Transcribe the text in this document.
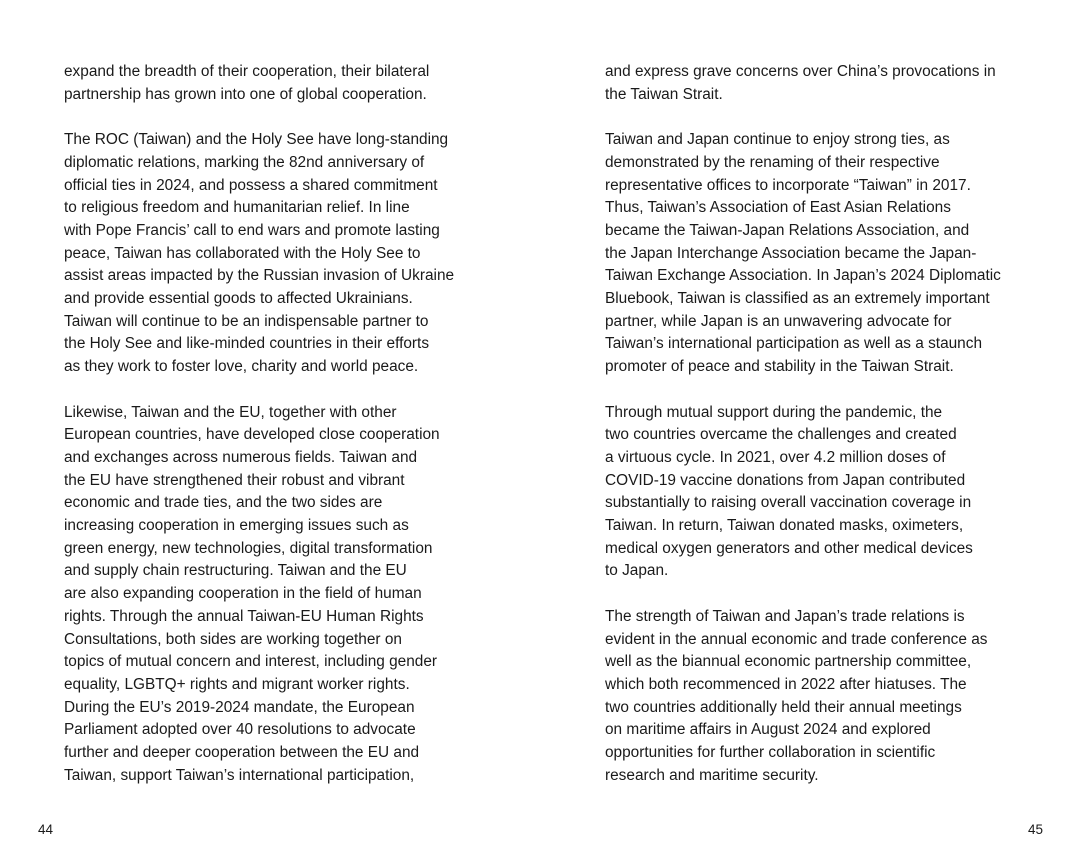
expand the breadth of their cooperation, their bilateral
partnership has grown into one of global cooperation.

The ROC (Taiwan) and the Holy See have long-standing
diplomatic relations, marking the 82nd anniversary of
official ties in 2024, and possess a shared commitment
to religious freedom and humanitarian relief. In line
with Pope Francis’ call to end wars and promote lasting
peace, Taiwan has collaborated with the Holy See to
assist areas impacted by the Russian invasion of Ukraine
and provide essential goods to affected Ukrainians.
Taiwan will continue to be an indispensable partner to
the Holy See and like-minded countries in their efforts
as they work to foster love, charity and world peace.

Likewise, Taiwan and the EU, together with other
European countries, have developed close cooperation
and exchanges across numerous fields. Taiwan and
the EU have strengthened their robust and vibrant
economic and trade ties, and the two sides are
increasing cooperation in emerging issues such as
green energy, new technologies, digital transformation
and supply chain restructuring. Taiwan and the EU
are also expanding cooperation in the field of human
rights. Through the annual Taiwan-EU Human Rights
Consultations, both sides are working together on
topics of mutual concern and interest, including gender
equality, LGBTQ+ rights and migrant worker rights.
During the EU’s 2019-2024 mandate, the European
Parliament adopted over 40 resolutions to advocate
further and deeper cooperation between the EU and
Taiwan, support Taiwan’s international participation,

44

and express grave concerns over China’s provocations in
the Taiwan Strait.

Taiwan and Japan continue to enjoy strong ties, as
demonstrated by the renaming of their respective
representative offices to incorporate “Taiwan” in 2017.
Thus, Taiwan’s Association of East Asian Relations
became the Taiwan-Japan Relations Association, and
the Japan Interchange Association became the Japan-
Taiwan Exchange Association. In Japan’s 2024 Diplomatic
Bluebook, Taiwan is classified as an extremely important
partner, while Japan is an unwavering advocate for
Taiwan’s international participation as well as a staunch
promoter of peace and stability in the Taiwan Strait.

Through mutual support during the pandemic, the
two countries overcame the challenges and created
a virtuous cycle. In 2021, over 4.2 million doses of
COVID-19 vaccine donations from Japan contributed
substantially to raising overall vaccination coverage in
Taiwan. In return, Taiwan donated masks, oximeters,
medical oxygen generators and other medical devices
to Japan.

The strength of Taiwan and Japan’s trade relations is
evident in the annual economic and trade conference as
well as the biannual economic partnership committee,
which both recommenced in 2022 after hiatuses. The
two countries additionally held their annual meetings
on maritime affairs in August 2024 and explored
opportunities for further collaboration in scientific
research and maritime security.

45
